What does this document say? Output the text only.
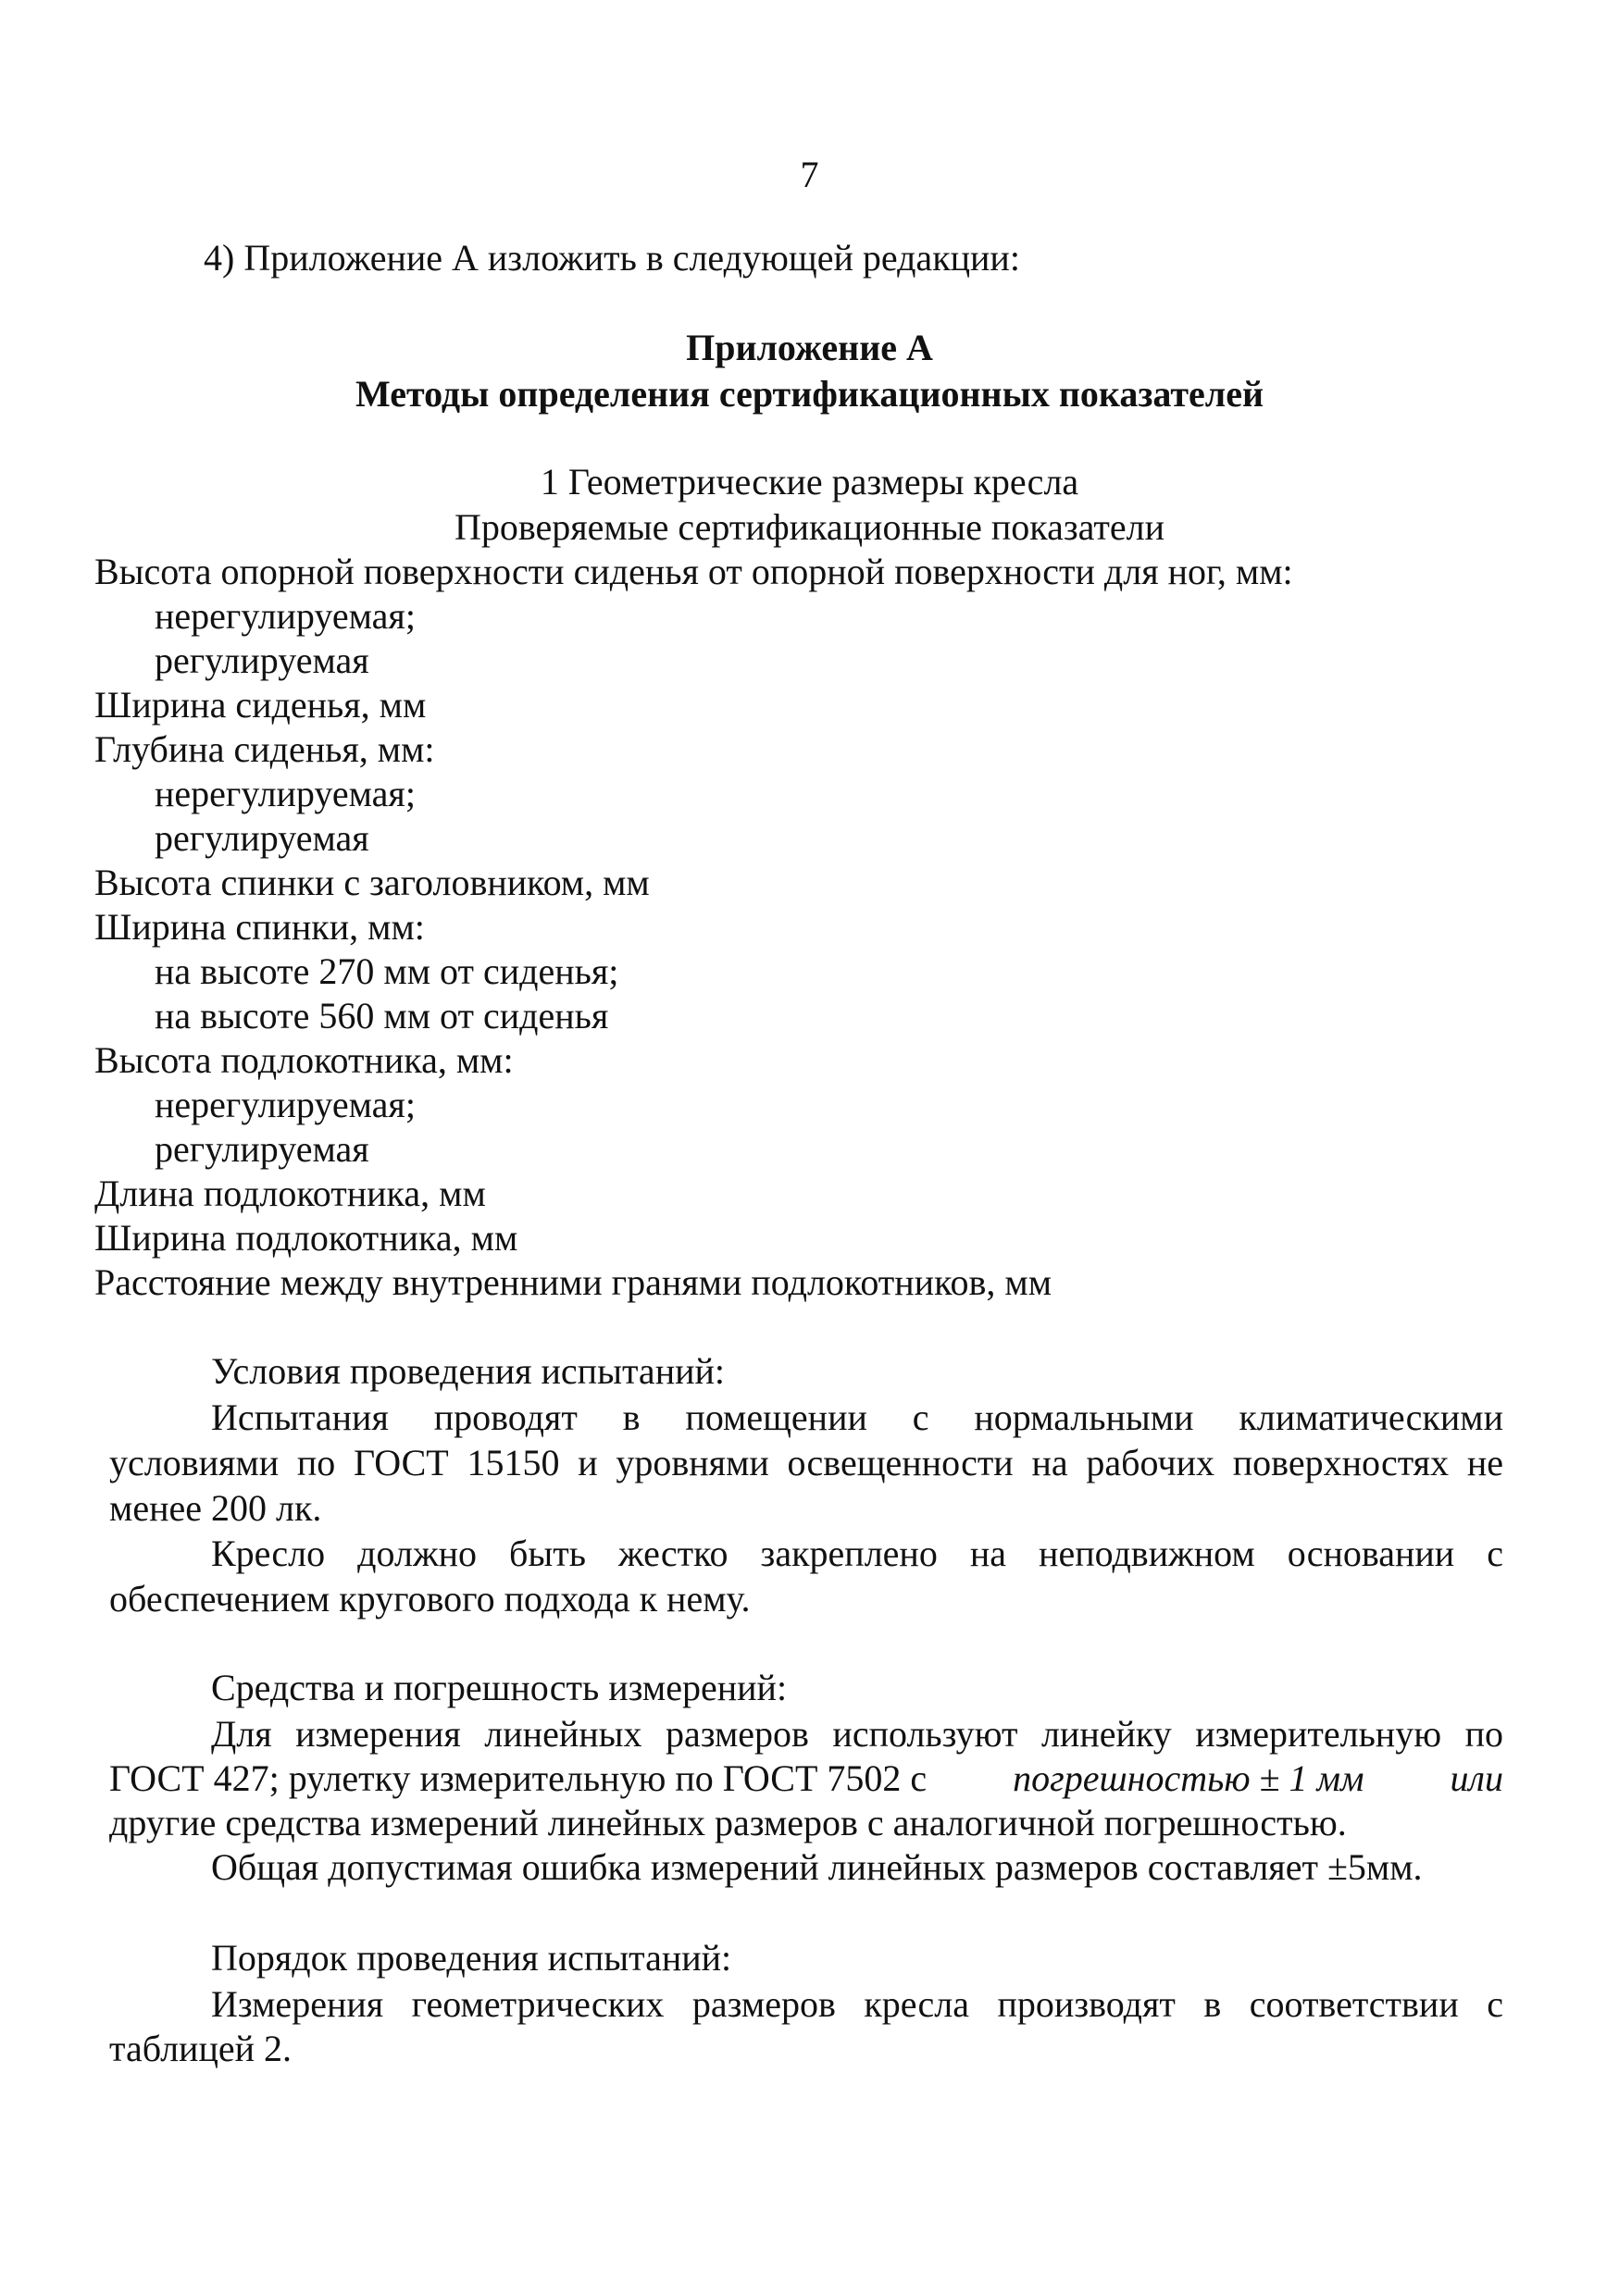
7
4) Приложение А изложить в следующей редакции:
Приложение А
Методы определения сертификационных показателей
1 Геометрические размеры кресла
Проверяемые сертификационные показатели
Высота опорной поверхности сиденья от опорной поверхности для ног, мм:
нерегулируемая;
регулируемая
Ширина сиденья, мм
Глубина сиденья, мм:
нерегулируемая;
регулируемая
Высота спинки с заголовником, мм
Ширина спинки, мм:
на высоте 270 мм от сиденья;
на высоте 560 мм от сиденья
Высота подлокотника, мм:
нерегулируемая;
регулируемая
Длина подлокотника, мм
Ширина подлокотника, мм
Расстояние между внутренними гранями подлокотников, мм
Условия проведения испытаний:
Испытания проводят в помещении с нормальными климатическими
условиями по ГОСТ 15150 и уровнями освещенности на рабочих поверхностях не
менее 200 лк.
Кресло должно быть жестко закреплено на неподвижном основании с
обеспечением кругового подхода к нему.
Средства и погрешность измерений:
Для измерения линейных размеров используют линейку измерительную по
ГОСТ 427; рулетку измерительную по ГОСТ 7502 с погрешностью ± 1 мм или
другие средства измерений линейных размеров с аналогичной погрешностью.
Общая допустимая ошибка измерений линейных размеров составляет ±5мм.
Порядок проведения испытаний:
Измерения геометрических размеров кресла производят в соответствии с
таблицей 2.
